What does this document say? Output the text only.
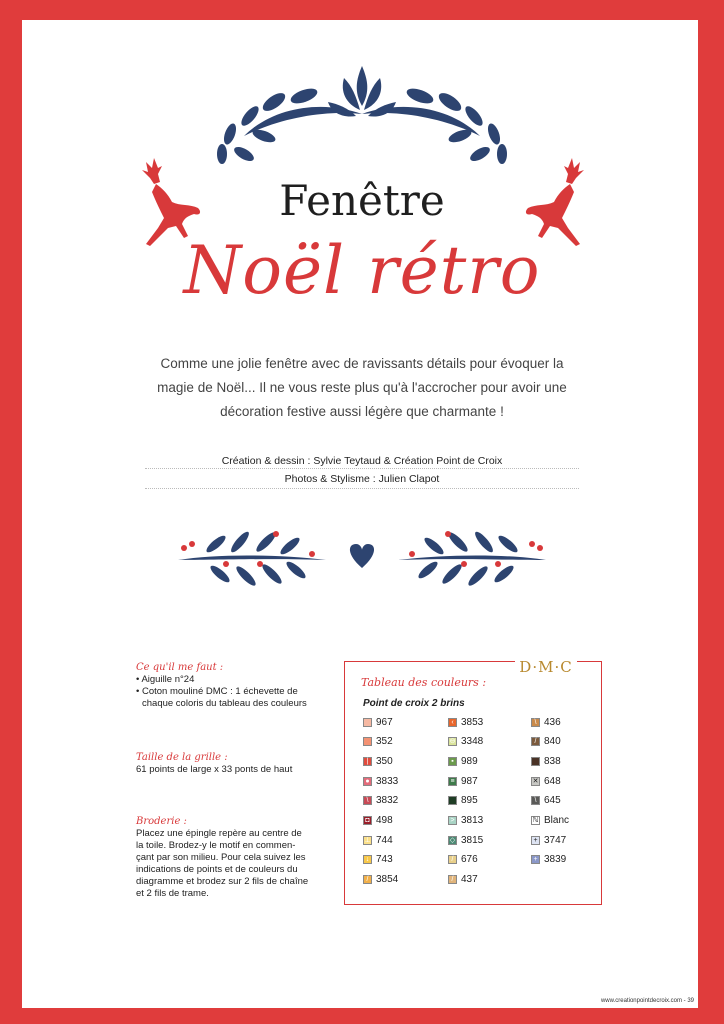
Fenêtre
Noël rétro
Comme une jolie fenêtre avec de ravissants détails pour évoquer la
magie de Noël... Il ne vous reste plus qu'à l'accrocher pour avoir une
décoration festive aussi légère que charmante !
Création & dessin : Sylvie Teytaud & Création Point de Croix
Photos & Stylisme : Julien Clapot
Ce qu'il me faut :
• Aiguille n°24
• Coton mouliné DMC : 1 échevette de
chaque coloris du tableau des couleurs
Taille de la grille :
61 points de large x 33 ponts de haut
Broderie :
Placez une épingle repère au centre de
la toile. Brodez-y le motif en commen-
çant par son milieu. Pour cela suivez les
indications de points et de couleurs du
diagramme et brodez sur 2 fils de chaîne
et 2 fils de trame.
Tableau des couleurs :
Point de croix 2 brins
D·M·C
967	‹ 3853	\ 436
352	⊖ 3348	/ 840
| 350	▪ 989	838
● 3833	≡ 987	✕ 648
\ 3832	895	\ 645
◘ 498	> 3813	ℕ Blanc
⊥ 744	◇ 3815	+ 3747
↓ 743	/ 676	+ 3839
/ 3854	/ 437
www.creationpointdecroix.com - 39
